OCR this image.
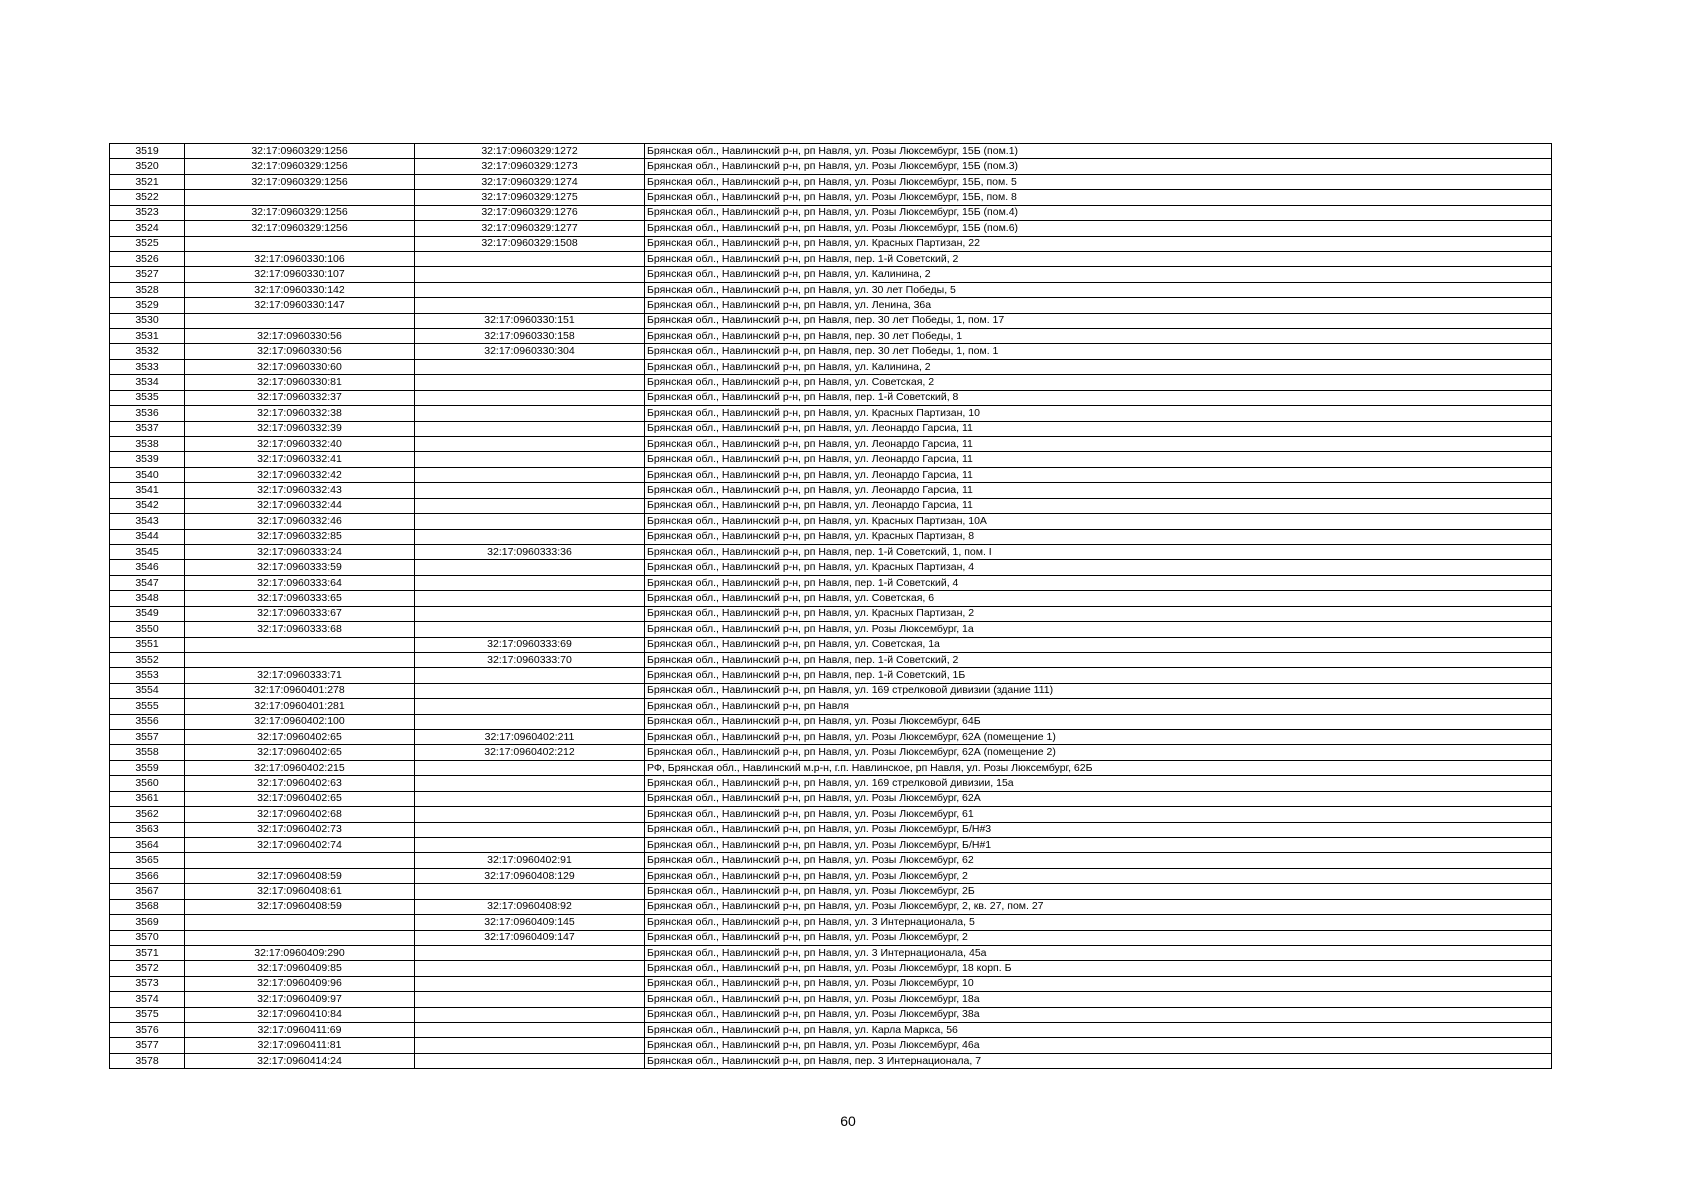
3519	32:17:0960329:1256	32:17:0960329:1272	Брянская обл., Навлинский р-н, рп Навля, ул. Розы Люксембург, 15Б (пом.1)
3520	32:17:0960329:1256	32:17:0960329:1273	Брянская обл., Навлинский р-н, рп Навля, ул. Розы Люксембург, 15Б (пом.3)
3521	32:17:0960329:1256	32:17:0960329:1274	Брянская обл., Навлинский р-н, рп Навля, ул. Розы Люксембург, 15Б, пом. 5
3522		32:17:0960329:1275	Брянская обл., Навлинский р-н, рп Навля, ул. Розы Люксембург, 15Б, пом. 8
3523	32:17:0960329:1256	32:17:0960329:1276	Брянская обл., Навлинский р-н, рп Навля, ул. Розы Люксембург, 15Б (пом.4)
3524	32:17:0960329:1256	32:17:0960329:1277	Брянская обл., Навлинский р-н, рп Навля, ул. Розы Люксембург, 15Б (пом.6)
3525		32:17:0960329:1508	Брянская обл., Навлинский р-н, рп Навля, ул. Красных Партизан, 22
3526	32:17:0960330:106		Брянская обл., Навлинский р-н, рп Навля, пер. 1-й Советский, 2
3527	32:17:0960330:107		Брянская обл., Навлинский р-н, рп Навля, ул. Калинина, 2
3528	32:17:0960330:142		Брянская обл., Навлинский р-н, рп Навля, ул. 30 лет Победы, 5
3529	32:17:0960330:147		Брянская обл., Навлинский р-н, рп Навля, ул. Ленина, 36а
3530		32:17:0960330:151	Брянская обл., Навлинский р-н, рп Навля, пер. 30 лет Победы, 1, пом. 17
3531	32:17:0960330:56	32:17:0960330:158	Брянская обл., Навлинский р-н, рп Навля, пер. 30 лет Победы, 1
3532	32:17:0960330:56	32:17:0960330:304	Брянская обл., Навлинский р-н, рп Навля, пер. 30 лет Победы, 1, пом. 1
3533	32:17:0960330:60		Брянская обл., Навлинский р-н, рп Навля, ул. Калинина, 2
3534	32:17:0960330:81		Брянская обл., Навлинский р-н, рп Навля, ул. Советская, 2
3535	32:17:0960332:37		Брянская обл., Навлинский р-н, рп Навля, пер. 1-й Советский, 8
3536	32:17:0960332:38		Брянская обл., Навлинский р-н, рп Навля, ул. Красных Партизан, 10
3537	32:17:0960332:39		Брянская обл., Навлинский р-н, рп Навля, ул. Леонардо Гарсиа, 11
3538	32:17:0960332:40		Брянская обл., Навлинский р-н, рп Навля, ул. Леонардо Гарсиа, 11
3539	32:17:0960332:41		Брянская обл., Навлинский р-н, рп Навля, ул. Леонардо Гарсиа, 11
3540	32:17:0960332:42		Брянская обл., Навлинский р-н, рп Навля, ул. Леонардо Гарсиа, 11
3541	32:17:0960332:43		Брянская обл., Навлинский р-н, рп Навля, ул. Леонардо Гарсиа, 11
3542	32:17:0960332:44		Брянская обл., Навлинский р-н, рп Навля, ул. Леонардо Гарсиа, 11
3543	32:17:0960332:46		Брянская обл., Навлинский р-н, рп Навля, ул. Красных Партизан, 10А
3544	32:17:0960332:85		Брянская обл., Навлинский р-н, рп Навля, ул. Красных Партизан, 8
3545	32:17:0960333:24	32:17:0960333:36	Брянская обл., Навлинский р-н, рп Навля, пер. 1-й Советский, 1, пом. I
3546	32:17:0960333:59		Брянская обл., Навлинский р-н, рп Навля, ул. Красных Партизан, 4
3547	32:17:0960333:64		Брянская обл., Навлинский р-н, рп Навля, пер. 1-й Советский, 4
3548	32:17:0960333:65		Брянская обл., Навлинский р-н, рп Навля, ул. Советская, 6
3549	32:17:0960333:67		Брянская обл., Навлинский р-н, рп Навля, ул. Красных Партизан, 2
3550	32:17:0960333:68		Брянская обл., Навлинский р-н, рп Навля, ул. Розы Люксембург, 1а
3551		32:17:0960333:69	Брянская обл., Навлинский р-н, рп Навля, ул. Советская, 1а
3552		32:17:0960333:70	Брянская обл., Навлинский р-н, рп Навля, пер. 1-й Советский, 2
3553	32:17:0960333:71		Брянская обл., Навлинский р-н, рп Навля, пер. 1-й Советский, 1Б
3554	32:17:0960401:278		Брянская обл., Навлинский р-н, рп Навля, ул. 169 стрелковой дивизии (здание 111)
3555	32:17:0960401:281		Брянская обл., Навлинский р-н, рп Навля
3556	32:17:0960402:100		Брянская обл., Навлинский р-н, рп Навля, ул. Розы Люксембург, 64Б
3557	32:17:0960402:65	32:17:0960402:211	Брянская обл., Навлинский р-н, рп Навля, ул. Розы Люксембург, 62А (помещение 1)
3558	32:17:0960402:65	32:17:0960402:212	Брянская обл., Навлинский р-н, рп Навля, ул. Розы Люксембург, 62А (помещение 2)
3559	32:17:0960402:215		РФ, Брянская обл., Навлинский м.р-н, г.п. Навлинское, рп Навля, ул. Розы Люксембург, 62Б
3560	32:17:0960402:63		Брянская обл., Навлинский р-н, рп Навля, ул. 169 стрелковой дивизии, 15а
3561	32:17:0960402:65		Брянская обл., Навлинский р-н, рп Навля, ул. Розы Люксембург, 62А
3562	32:17:0960402:68		Брянская обл., Навлинский р-н, рп Навля, ул. Розы Люксембург, 61
3563	32:17:0960402:73		Брянская обл., Навлинский р-н, рп Навля, ул. Розы Люксембург, Б/Н#3
3564	32:17:0960402:74		Брянская обл., Навлинский р-н, рп Навля, ул. Розы Люксембург, Б/Н#1
3565		32:17:0960402:91	Брянская обл., Навлинский р-н, рп Навля, ул. Розы Люксембург, 62
3566	32:17:0960408:59	32:17:0960408:129	Брянская обл., Навлинский р-н, рп Навля, ул. Розы Люксембург, 2
3567	32:17:0960408:61		Брянская обл., Навлинский р-н, рп Навля, ул. Розы Люксембург, 2Б
3568	32:17:0960408:59	32:17:0960408:92	Брянская обл., Навлинский р-н, рп Навля, ул. Розы Люксембург, 2, кв. 27, пом. 27
3569		32:17:0960409:145	Брянская обл., Навлинский р-н, рп Навля, ул. 3 Интернационала, 5
3570		32:17:0960409:147	Брянская обл., Навлинский р-н, рп Навля, ул. Розы Люксембург, 2
3571	32:17:0960409:290		Брянская обл., Навлинский р-н, рп Навля, ул. 3 Интернационала, 45а
3572	32:17:0960409:85		Брянская обл., Навлинский р-н, рп Навля, ул. Розы Люксембург, 18 корп. Б
3573	32:17:0960409:96		Брянская обл., Навлинский р-н, рп Навля, ул. Розы Люксембург, 10
3574	32:17:0960409:97		Брянская обл., Навлинский р-н, рп Навля, ул. Розы Люксембург, 18а
3575	32:17:0960410:84		Брянская обл., Навлинский р-н, рп Навля, ул. Розы Люксембург, 38а
3576	32:17:0960411:69		Брянская обл., Навлинский р-н, рп Навля, ул. Карла Маркса, 56
3577	32:17:0960411:81		Брянская обл., Навлинский р-н, рп Навля, ул. Розы Люксембург, 46а
3578	32:17:0960414:24		Брянская обл., Навлинский р-н, рп Навля, пер. 3 Интернационала, 7
60
